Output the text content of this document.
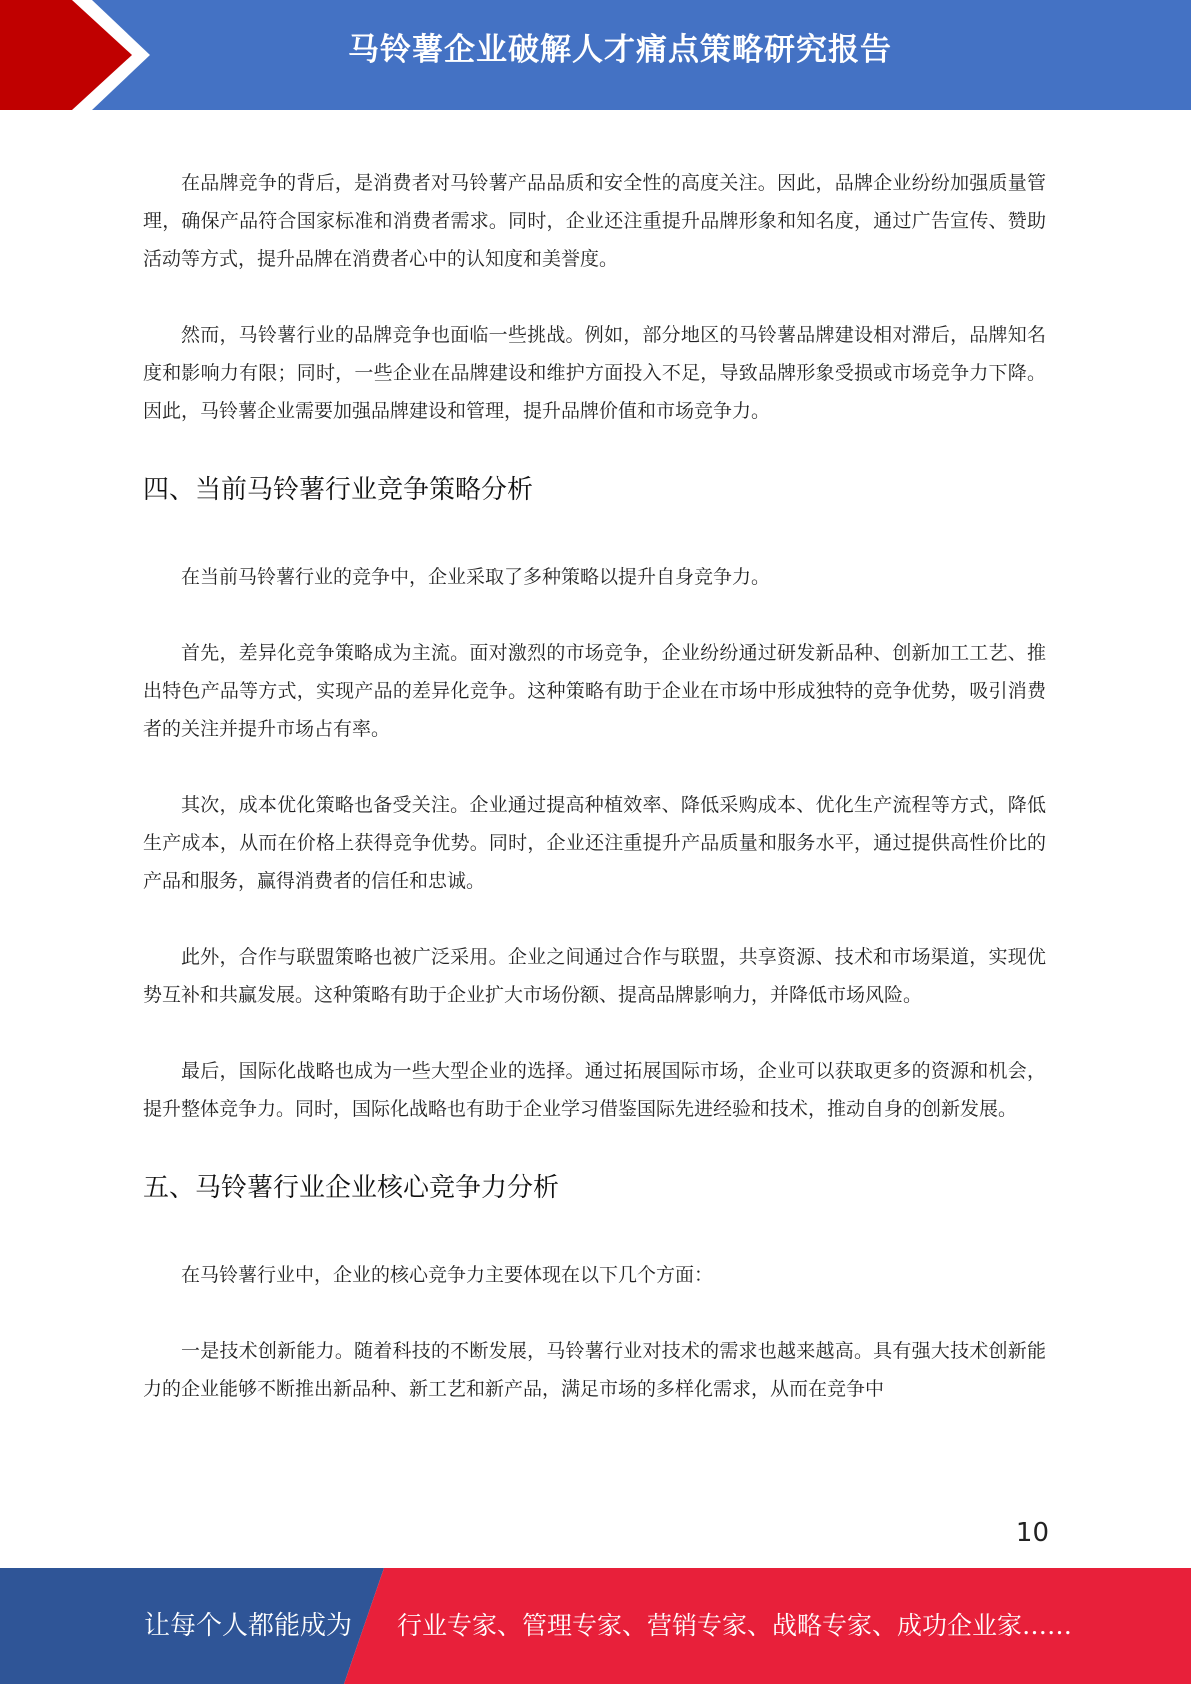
马铃薯企业破解人才痛点策略研究报告

在品牌竞争的背后，是消费者对马铃薯产品品质和安全性的高度关注。因此，品牌企业纷纷加强质量管理，确保产品符合国家标准和消费者需求。同时，企业还注重提升品牌形象和知名度，通过广告宣传、赞助活动等方式，提升品牌在消费者心中的认知度和美誉度。

然而，马铃薯行业的品牌竞争也面临一些挑战。例如，部分地区的马铃薯品牌建设相对滞后，品牌知名度和影响力有限；同时，一些企业在品牌建设和维护方面投入不足，导致品牌形象受损或市场竞争力下降。因此，马铃薯企业需要加强品牌建设和管理，提升品牌价值和市场竞争力。

四、当前马铃薯行业竞争策略分析

在当前马铃薯行业的竞争中，企业采取了多种策略以提升自身竞争力。

首先，差异化竞争策略成为主流。面对激烈的市场竞争，企业纷纷通过研发新品种、创新加工工艺、推出特色产品等方式，实现产品的差异化竞争。这种策略有助于企业在市场中形成独特的竞争优势，吸引消费者的关注并提升市场占有率。

其次，成本优化策略也备受关注。企业通过提高种植效率、降低采购成本、优化生产流程等方式，降低生产成本，从而在价格上获得竞争优势。同时，企业还注重提升产品质量和服务水平，通过提供高性价比的产品和服务，赢得消费者的信任和忠诚。

此外，合作与联盟策略也被广泛采用。企业之间通过合作与联盟，共享资源、技术和市场渠道，实现优势互补和共赢发展。这种策略有助于企业扩大市场份额、提高品牌影响力，并降低市场风险。

最后，国际化战略也成为一些大型企业的选择。通过拓展国际市场，企业可以获取更多的资源和机会，提升整体竞争力。同时，国际化战略也有助于企业学习借鉴国际先进经验和技术，推动自身的创新发展。

五、马铃薯行业企业核心竞争力分析

在马铃薯行业中，企业的核心竞争力主要体现在以下几个方面：

一是技术创新能力。随着科技的不断发展，马铃薯行业对技术的需求也越来越高。具有强大技术创新能力的企业能够不断推出新品种、新工艺和新产品，满足市场的多样化需求，从而在竞争中

10
让每个人都能成为 行业专家、管理专家、营销专家、战略专家、成功企业家……
